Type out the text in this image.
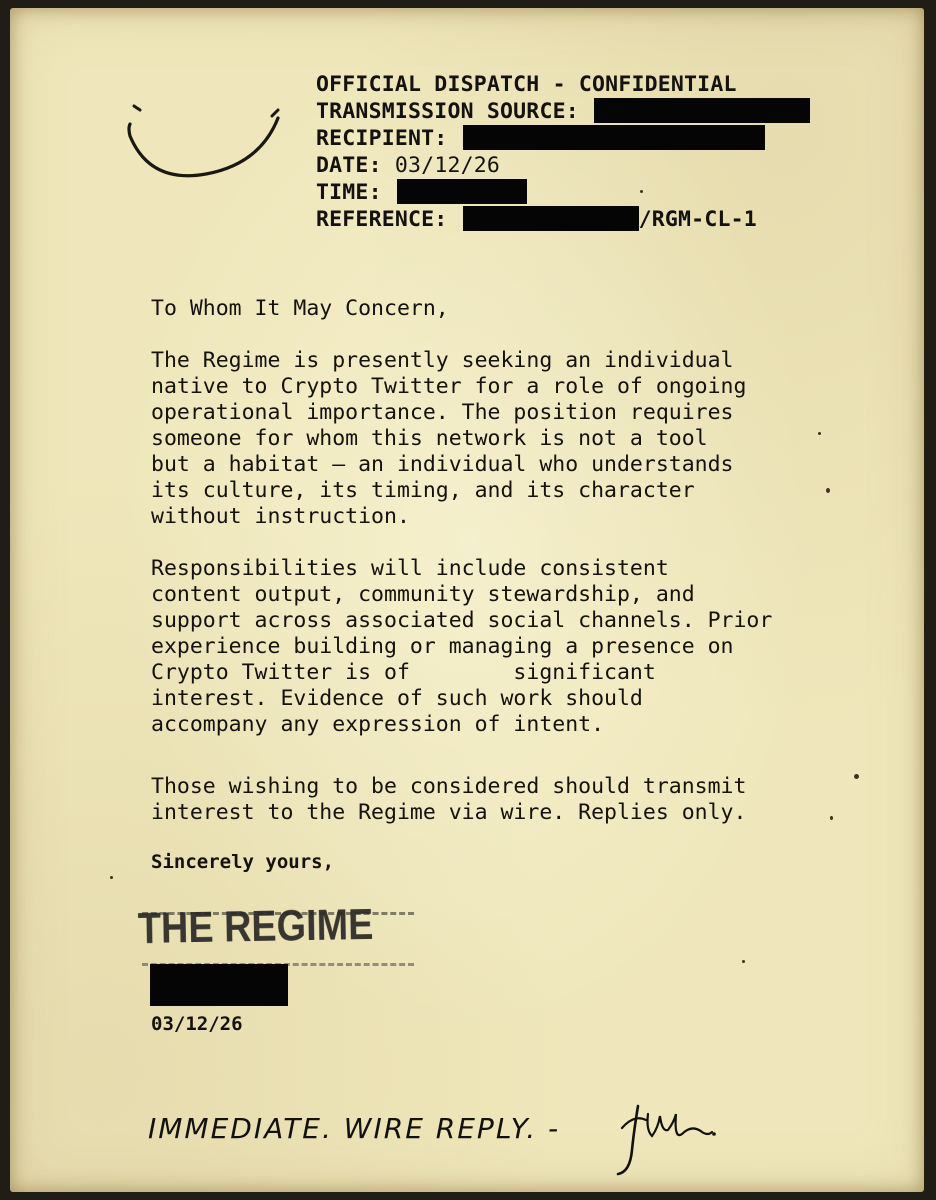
OFFICIAL DISPATCH - CONFIDENTIAL
TRANSMISSION SOURCE:
RECIPIENT:
DATE: 03/12/26
TIME:
REFERENCE:	/RGM-CL-1
To Whom It May Concern,
The Regime is presently seeking an individual
native to Crypto Twitter for a role of ongoing
operational importance. The position requires
someone for whom this network is not a tool
but a habitat — an individual who understands
its culture, its timing, and its character
without instruction.
Responsibilities will include consistent
content output, community stewardship, and
support across associated social channels. Prior
experience building or managing a presence on
Crypto Twitter is of        significant
interest. Evidence of such work should
accompany any expression of intent.
Those wishing to be considered should transmit
interest to the Regime via wire. Replies only.
Sincerely yours,
THE REGIME
03/12/26
IMMEDIATE. WIRE REPLY. -
